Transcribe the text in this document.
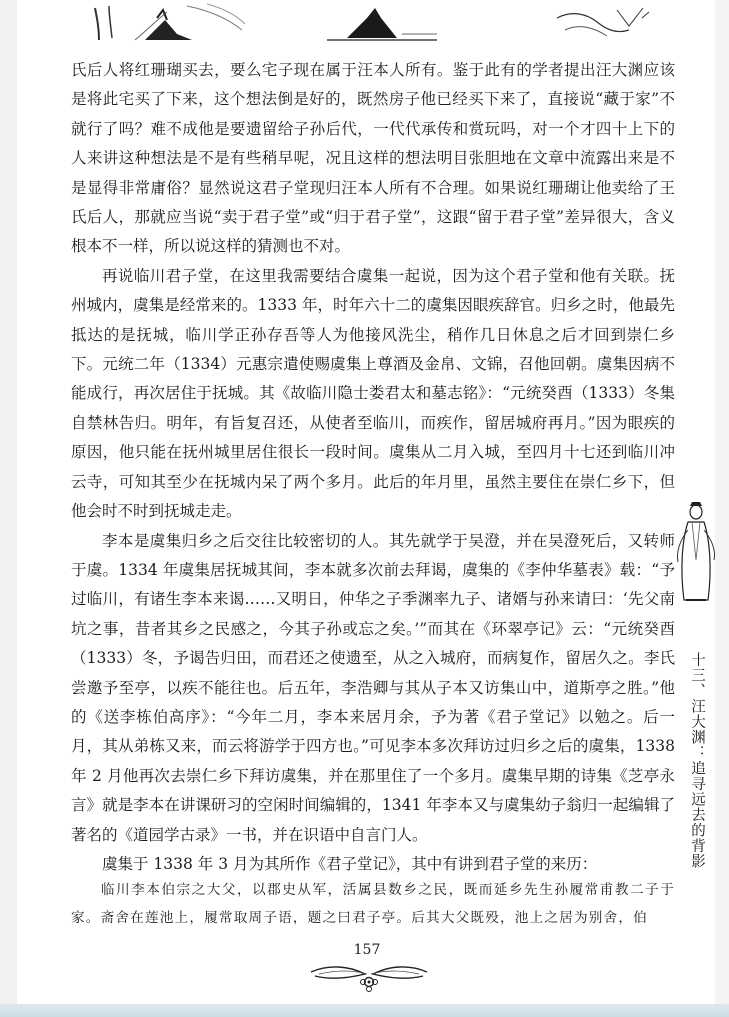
氏后人将红珊瑚买去，要么宅子现在属于汪本人所有。鉴于此有的学者提出汪大渊应该是将此宅买了下来，这个想法倒是好的，既然房子他已经买下来了，直接说“藏于家”不就行了吗？难不成他是要遗留给子孙后代，一代代承传和赏玩吗，对一个才四十上下的人来讲这种想法是不是有些稍早呢，况且这样的想法明目张胆地在文章中流露出来是不是显得非常庸俗？显然说这君子堂现归汪本人所有不合理。如果说红珊瑚让他卖给了王氏后人，那就应当说“卖于君子堂”或“归于君子堂”，这跟“留于君子堂”差异很大，含义根本不一样，所以说这样的猜测也不对。

再说临川君子堂，在这里我需要结合虞集一起说，因为这个君子堂和他有关联。抚州城内，虞集是经常来的。1333 年，时年六十二的虞集因眼疾辞官。归乡之时，他最先抵达的是抚城，临川学正孙存吾等人为他接风洗尘，稍作几日休息之后才回到崇仁乡下。元统二年（1334）元惠宗遣使赐虞集上尊酒及金帛、文锦，召他回朝。虞集因病不能成行，再次居住于抚城。其《故临川隐士娄君太和墓志铭》：“元统癸酉（1333）冬集自禁林告归。明年，有旨复召还，从使者至临川，而疾作，留居城府再月。”因为眼疾的原因，他只能在抚州城里居住很长一段时间。虞集从二月入城，至四月十七还到临川冲云寺，可知其至少在抚城内呆了两个多月。此后的年月里，虽然主要住在崇仁乡下，但他会时不时到抚城走走。

李本是虞集归乡之后交往比较密切的人。其先就学于吴澄，并在吴澄死后，又转师于虞。1334 年虞集居抚城其间，李本就多次前去拜谒，虞集的《李仲华墓表》载：“予过临川，有诸生李本来谒……又明日，仲华之子季渊率九子、诸婿与孙来请曰：‘先父南坑之事，昔者其乡之民感之，今其子孙或忘之矣。’”而其在《环翠亭记》云：“元统癸酉（1333）冬，予谒告归田，而君还之使遗至，从之入城府，而病复作，留居久之。李氏尝邀予至亭，以疾不能往也。后五年，李浩卿与其从子本又访集山中，道斯亭之胜。”他的《送李栋伯高序》：“今年二月，李本来居月余，予为著《君子堂记》以勉之。后一月，其从弟栋又来，而云将游学于四方也。”可见李本多次拜访过归乡之后的虞集，1338 年 2 月他再次去崇仁乡下拜访虞集，并在那里住了一个多月。虞集早期的诗集《芝亭永言》就是李本在讲课研习的空闲时间编辑的，1341 年李本又与虞集幼子翁归一起编辑了著名的《道园学古录》一书，并在识语中自言门人。

虞集于 1338 年 3 月为其所作《君子堂记》，其中有讲到君子堂的来历：

临川李本伯宗之大父，以郡史从军，活属县数乡之民，既而延乡先生孙履常甫教二子于家。斋舍在莲池上，履常取周子语，题之曰君子亭。后其大父既殁，池上之居为别舍，伯
157
十三、汪大渊：追寻远去的背影
